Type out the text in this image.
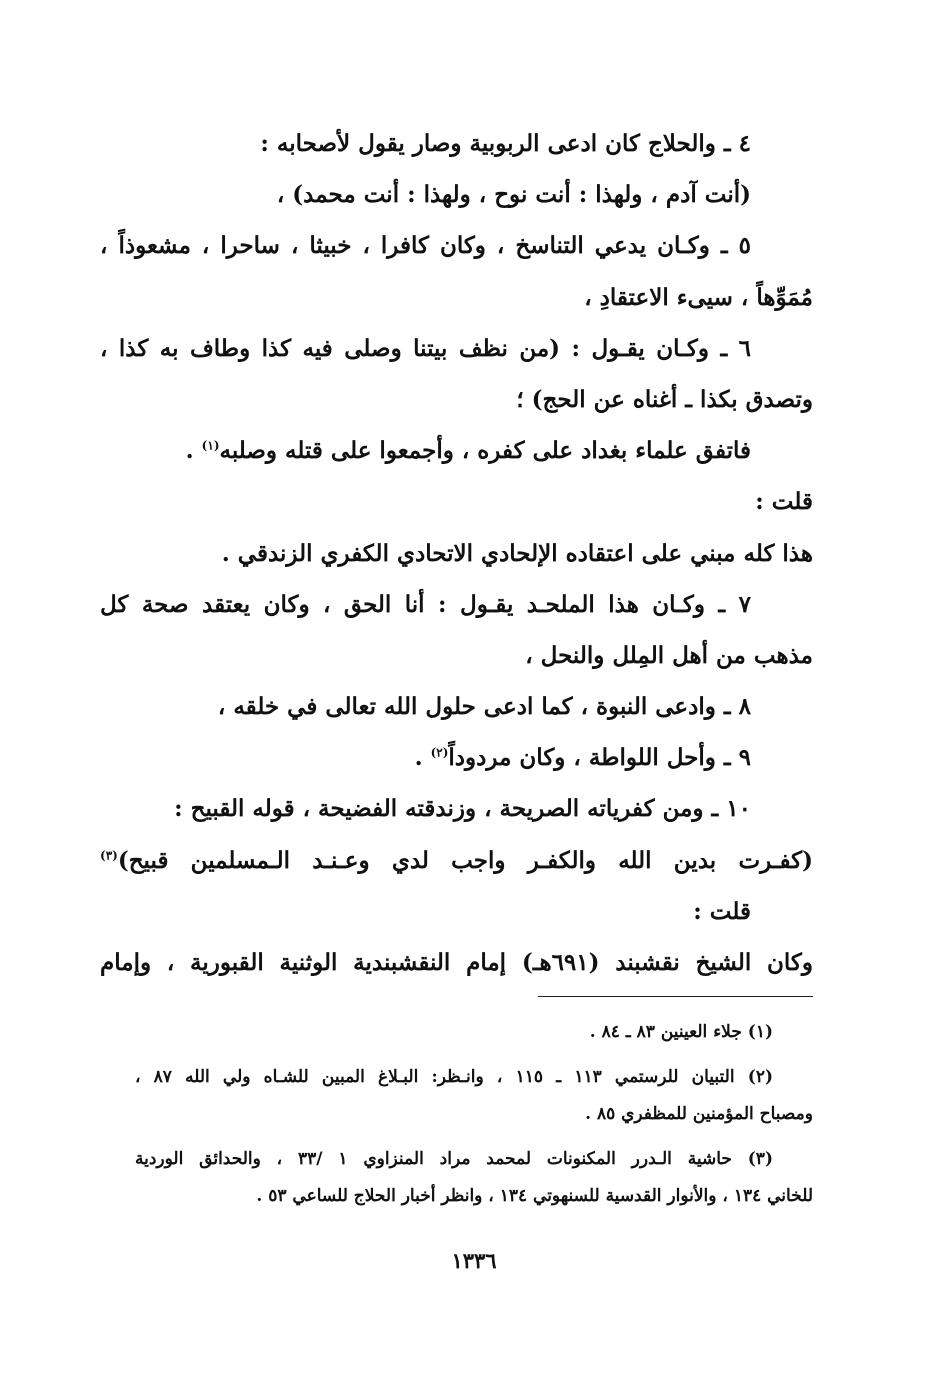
٤ ـ والحلاج كان ادعى الربوبية وصار يقول لأصحابه :
(أنت آدم ، ولهذا : أنت نوح ، ولهذا : أنت محمد) ،
٥ ـ وكـان يدعي التناسخ ، وكان كافرا ، خبيثا ، ساحرا ، مشعوذاً ،
مُمَوِّهاً ، سيىء الاعتقادِ ،
٦ ـ وكـان يقـول : (من نظف بيتنا وصلى فيه كذا وطاف به كذا ،
وتصدق بكذا ـ أغناه عن الحج) ؛
فاتفق علماء بغداد على كفره ، وأجمعوا على قتله وصلبه$^{(١)}$ .
قلت :
هذا كله مبني على اعتقاده الإلحادي الاتحادي الكفري الزندقي .
٧ ـ وكـان هذا الملحـد يقـول : أنا الحق ، وكان يعتقد صحة كل
مذهب من أهل المِلل والنحل ،
٨ ـ وادعى النبوة ، كما ادعى حلول الله تعالى في خلقه ،
٩ ـ وأحل اللواطة ، وكان مردوداً$^{(٢)}$ .
١٠ ـ ومن كفرياته الصريحة ، وزندقته الفضيحة ، قوله القبيح :
(كفـرت بدين الله والكفـر واجب لدي وعـنـد الـمسلمين قبيح)$^{(٣)}$
قلت :
وكان الشيخ نقشبند (٦٩١هـ) إمام النقشبندية الوثنية القبورية ، وإمام
(١) جلاء العينين ٨٣ ـ ٨٤ .
(٢) التبيان للرستمي ١١٣ ـ ١١٥ ، وانـظر: البـلاغ المبين للشـاه ولي الله ٨٧ ،
ومصباح المؤمنين للمظفري ٨٥ .
(٣) حاشية الـدرر المكنونات لمحمد مراد المنزاوي ١ /٣٣ ، والحدائق الوردية
للخاني ١٣٤ ، والأنوار القدسية للسنهوتي ١٣٤ ، وانظر أخبار الحلاج للساعي ٥٣ .
١٣٣٦
